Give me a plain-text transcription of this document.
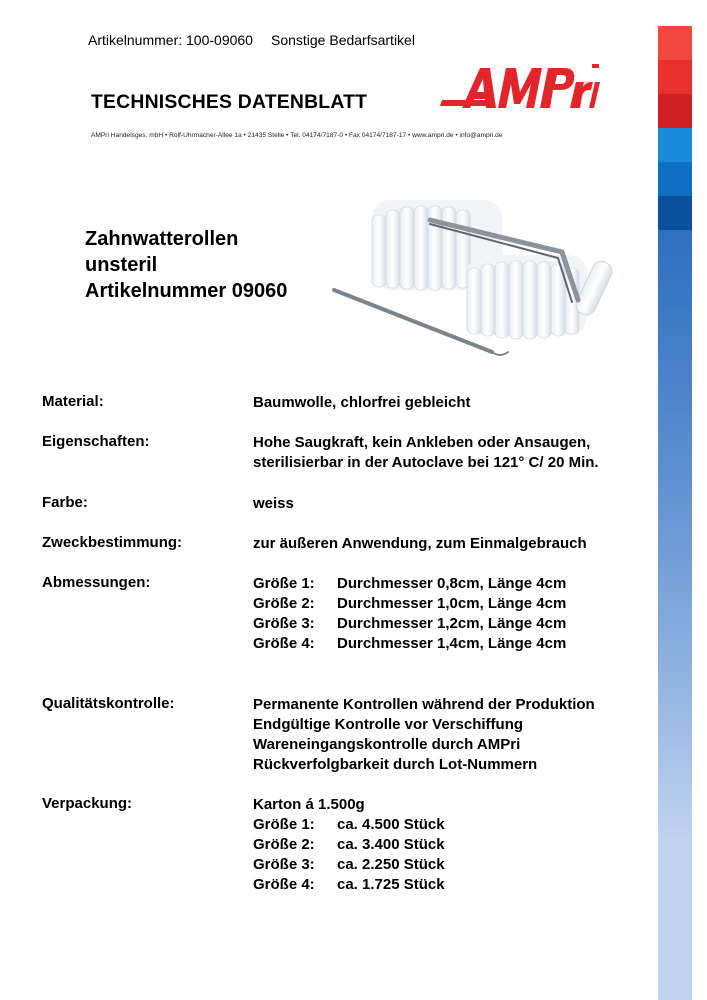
Artikelnummer: 100-09060 Sonstige Bedarfsartikel
TECHNISCHES DATENBLATT
AMPri Handelsges. mbH • Rolf-Uhrmacher-Allee 1a • 21435 Stelle • Tel. 04174/7187-0 • Fax 04174/7187-17 • www.ampri.de • info@ampri.de
Zahnwatterollen
unsteril
Artikelnummer 09060
Material:	Baumwolle, chlorfrei gebleicht
Eigenschaften:	Hohe Saugkraft, kein Ankleben oder Ansaugen,
sterilisierbar in der Autoclave bei 121° C/ 20 Min.
Farbe:	weiss
Zweckbestimmung:	zur äußeren Anwendung, zum Einmalgebrauch
Abmessungen:	Größe 1: Durchmesser 0,8cm, Länge 4cm
Größe 2: Durchmesser 1,0cm, Länge 4cm
Größe 3: Durchmesser 1,2cm, Länge 4cm
Größe 4: Durchmesser 1,4cm, Länge 4cm
Qualitätskontrolle:	Permanente Kontrollen während der Produktion
Endgültige Kontrolle vor Verschiffung
Wareneingangskontrolle durch AMPri
Rückverfolgbarkeit durch Lot-Nummern
Verpackung:	Karton á 1.500g
Größe 1: ca. 4.500 Stück
Größe 2: ca. 3.400 Stück
Größe 3: ca. 2.250 Stück
Größe 4: ca. 1.725 Stück
